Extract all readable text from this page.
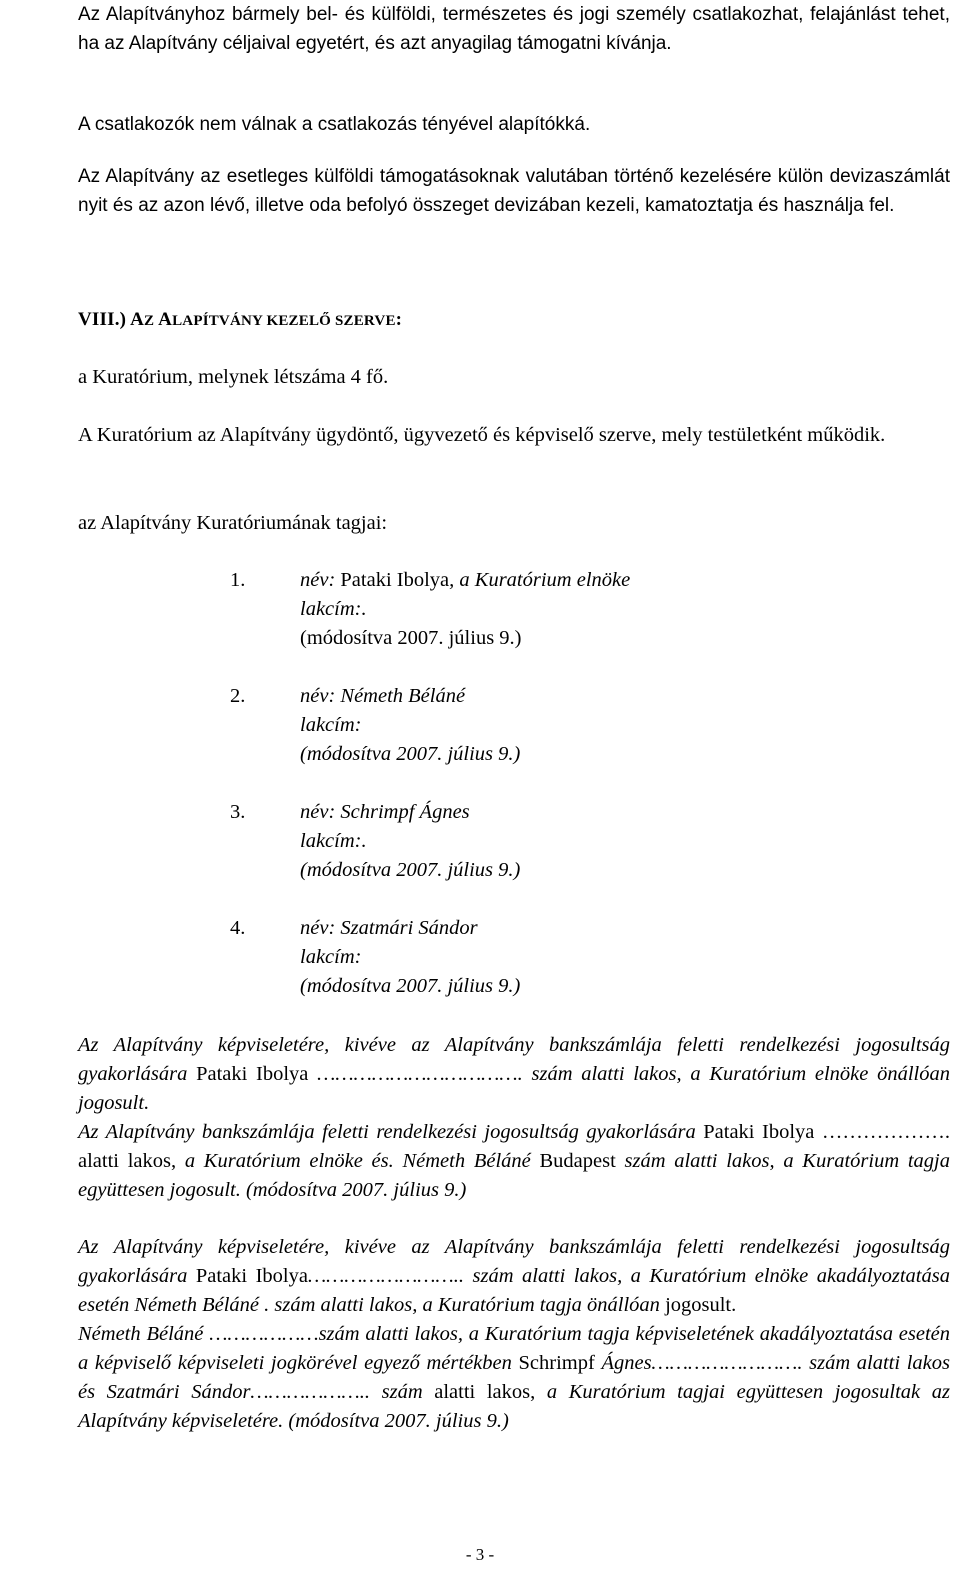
Az Alapítványhoz bármely bel- és külföldi, természetes és jogi személy csatlakozhat, felajánlást tehet, ha az Alapítvány céljaival egyetért, és azt anyagilag támogatni kívánja.

A csatlakozók nem válnak a csatlakozás tényével alapítókká.

Az Alapítvány az esetleges külföldi támogatásoknak valutában történő kezelésére külön devizaszámlát nyit és az azon lévő, illetve oda befolyó összeget devizában kezeli, kamatoztatja és használja fel.

VIII.) AZ ALAPÍTVÁNY KEZELŐ SZERVE:

a Kuratórium, melynek létszáma 4 fő.

A Kuratórium az Alapítvány ügydöntő, ügyvezető és képviselő szerve, mely testületként működik.

az Alapítvány Kuratóriumának tagjai:

1.	név: Pataki Ibolya, a Kuratórium elnöke
lakcím:.
(módosítva 2007. július 9.)
2.	név: Németh Béláné
lakcím:
(módosítva 2007. július 9.)
3.	név: Schrimpf Ágnes
lakcím:.
(módosítva 2007. július 9.)
4.	név: Szatmári Sándor
lakcím:
(módosítva 2007. július 9.)

Az Alapítvány képviseletére, kivéve az Alapítvány bankszámlája feletti rendelkezési jogosultság gyakorlására Pataki Ibolya ……………………………. szám alatti lakos, a Kuratórium elnöke önállóan jogosult.
Az Alapítvány bankszámlája feletti rendelkezési jogosultság gyakorlására Pataki Ibolya ………………. alatti lakos, a Kuratórium elnöke és. Németh Béláné Budapest szám alatti lakos, a Kuratórium tagja együttesen jogosult. (módosítva 2007. július 9.)

Az Alapítvány képviseletére, kivéve az Alapítvány bankszámlája feletti rendelkezési jogosultság gyakorlására Pataki Ibolya…………………….. szám alatti lakos, a Kuratórium elnöke akadályoztatása esetén Németh Béláné . szám alatti lakos, a Kuratórium tagja önállóan jogosult.
Németh Béláné ………………szám alatti lakos, a Kuratórium tagja képviseletének akadályoztatása esetén a képviselő képviseleti jogkörével egyező mértékben Schrimpf Ágnes……………………. szám alatti lakos és Szatmári Sándor……………….. szám alatti lakos, a Kuratórium tagjai együttesen jogosultak az Alapítvány képviseletére. (módosítva 2007. július 9.)

- 3 -
